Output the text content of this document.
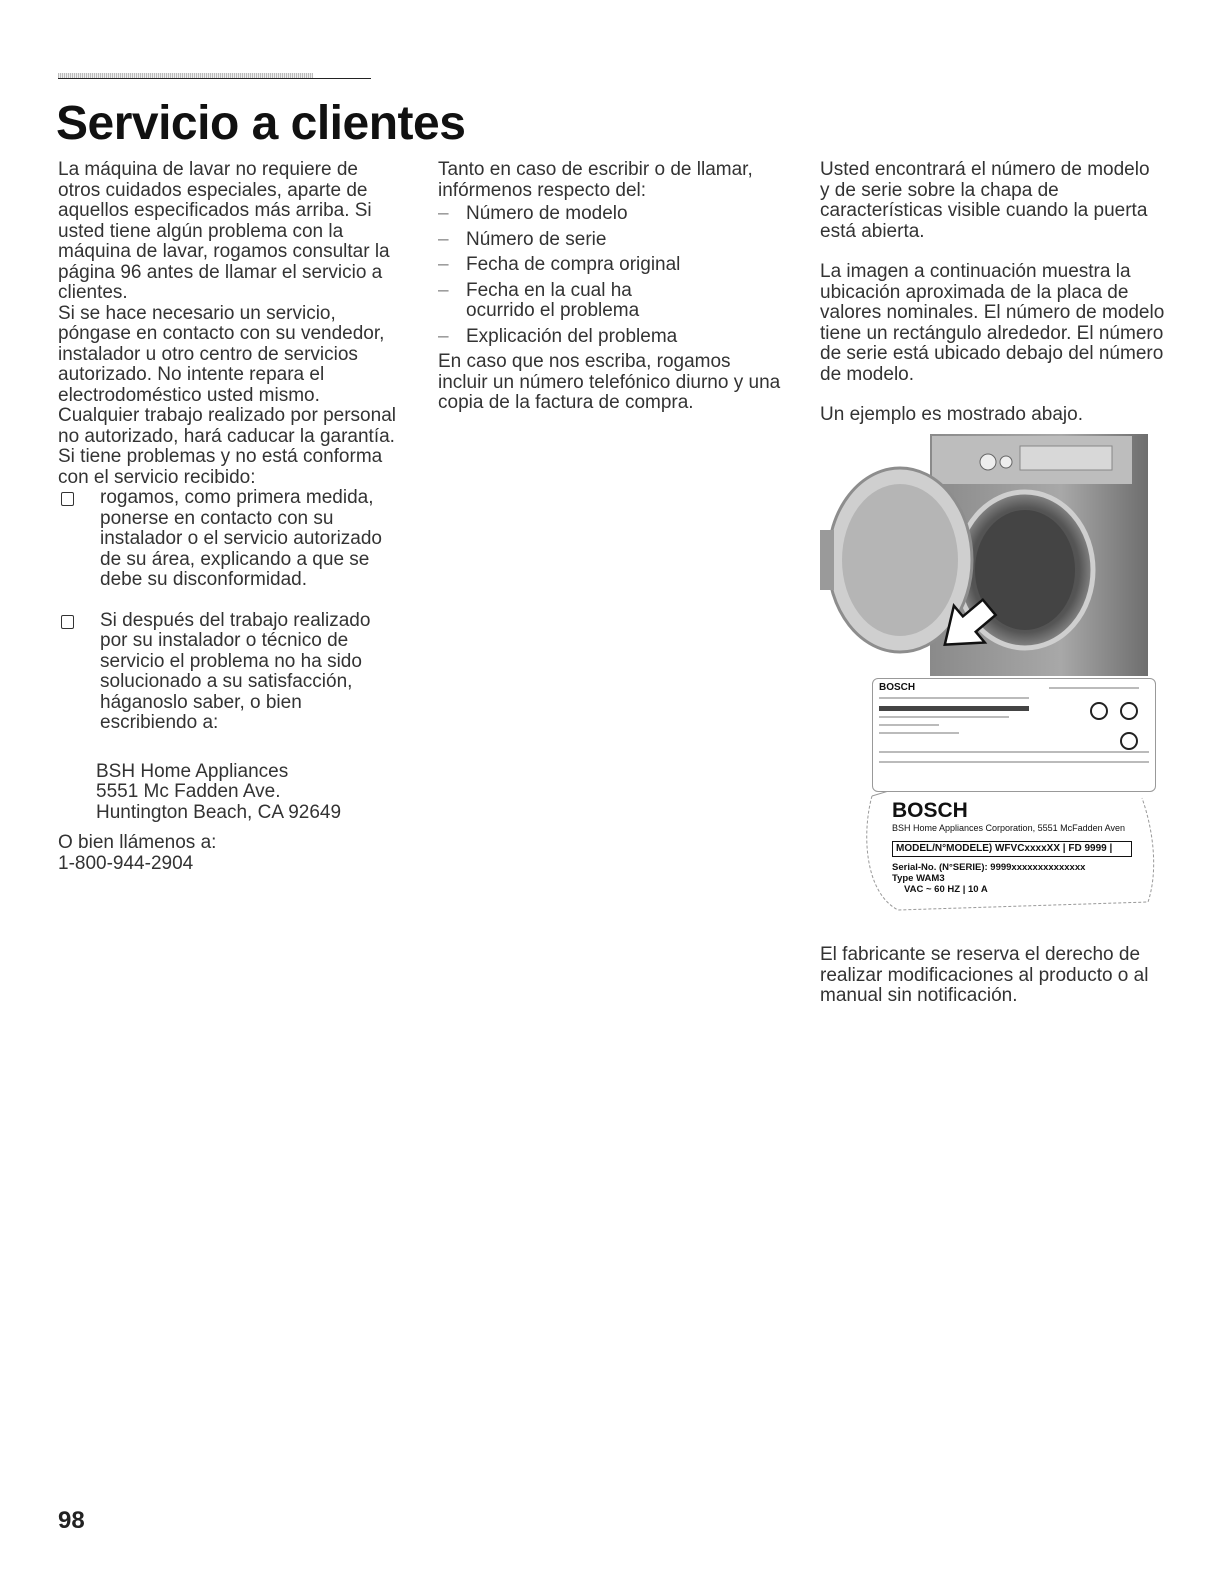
Servicio a clientes

La máquina de lavar no requiere de otros cuidados especiales, aparte de aquellos especificados más arriba. Si usted tiene algún problema con la máquina de lavar, rogamos consultar la página 96 antes de llamar el servicio a clientes.

Si se hace necesario un servicio, póngase en contacto con su vendedor, instalador u otro centro de servicios autorizado. No intente repara el electrodoméstico usted mismo. Cualquier trabajo realizado por personal no autorizado, hará caducar la garantía.

Si tiene problemas y no está conforma con el servicio recibido:

rogamos, como primera medida, ponerse en contacto con su instalador o el servicio autorizado de su área, explicando a que se debe su disconformidad.
Si después del trabajo realizado por su instalador o técnico de servicio el problema no ha sido solucionado a su satisfacción, háganoslo saber, o bien escribiendo a:

BSH Home Appliances

5551 Mc Fadden Ave.

Huntington Beach, CA 92649

O bien llámenos a:

1-800-944-2904

Tanto en caso de escribir o de llamar, infórmenos respecto del:

– Número de modelo
– Número de serie
– Fecha de compra original
– Fecha en la cual ha ocurrido el problema
– Explicación del problema

En caso que nos escriba, rogamos incluir un número telefónico diurno y una copia de la factura de compra.

Usted encontrará el número de modelo y de serie sobre la chapa de características visible cuando la puerta está abierta.

La imagen a continuación muestra la ubicación aproximada de la placa de valores nominales. El número de modelo tiene un rectángulo alrededor. El número de serie está ubicado debajo del número de modelo.

Un ejemplo es mostrado abajo.

BOSCH

BOSCH

BSH Home Appliances Corporation, 5551 McFadden Aven

MODEL/N°MODELE) WFVCxxxxXX | FD 9999 |

Serial-No. (N°SERIE): 9999xxxxxxxxxxxxxx

Type WAM3

VAC ~ 60 HZ | 10 A

El fabricante se reserva el derecho de realizar modificaciones al producto o al manual sin notificación.

98
